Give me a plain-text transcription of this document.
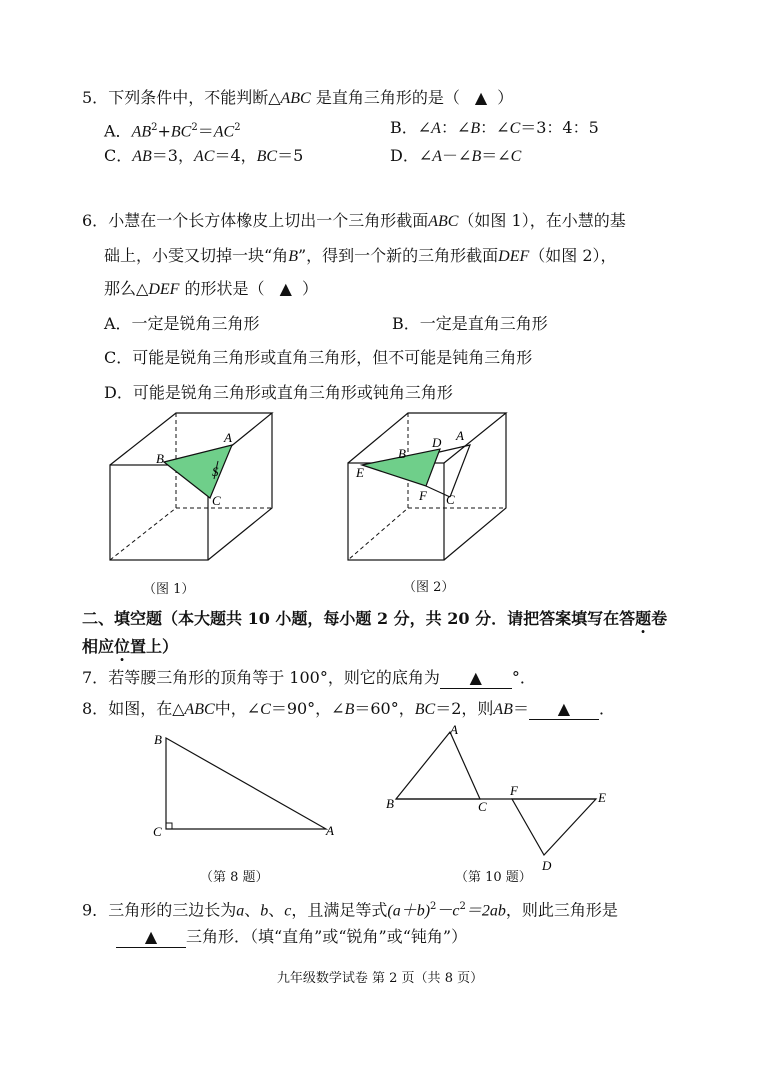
5．下列条件中，不能判断△ABC 是直角三角形的是（ ▲ ）
A．$AB^2+BC^2=AC^2$	B．∠A：∠B：∠C＝3：4：5
C．AB＝3，AC＝4，BC＝5	D．∠A－∠B＝∠C
6．小慧在一个长方体橡皮上切出一个三角形截面ABC（如图 1），在小慧的基
础上，小雯又切掉一块“角B”，得到一个新的三角形截面DEF（如图 2），
那么△DEF 的形状是（ ▲ ）
A．一定是锐角三角形	B．一定是直角三角形
C．可能是锐角三角形或直角三角形，但不可能是钝角三角形
D．可能是锐角三角形或直角三角形或钝角三角形
B
A
S
C
（图 1）
B
D A
E
F C
（图 2）
二、填空题（本大题共 10 小题，每小题 2 分，共 20 分．请把答案填写在答题卷
相应位置上 ·）
7．若等腰三角形的顶角等于 100°，则它的底角为 ▲ °．
8．如图，在△ABC中，∠C＝90°，∠B＝60°，BC＝2，则AB＝ ▲ ．
B
C	A
（第 8 题）
A
B	C
F	E
D
（第 10 题）
9．三角形的三边长为a、b、c，且满足等式$(a+b)^2-c^2=2ab$，则此三角形是
▲ 三角形．（填“直角”或“锐角”或“钝角”）
九年级数学试卷 第 2 页（共 8 页）
